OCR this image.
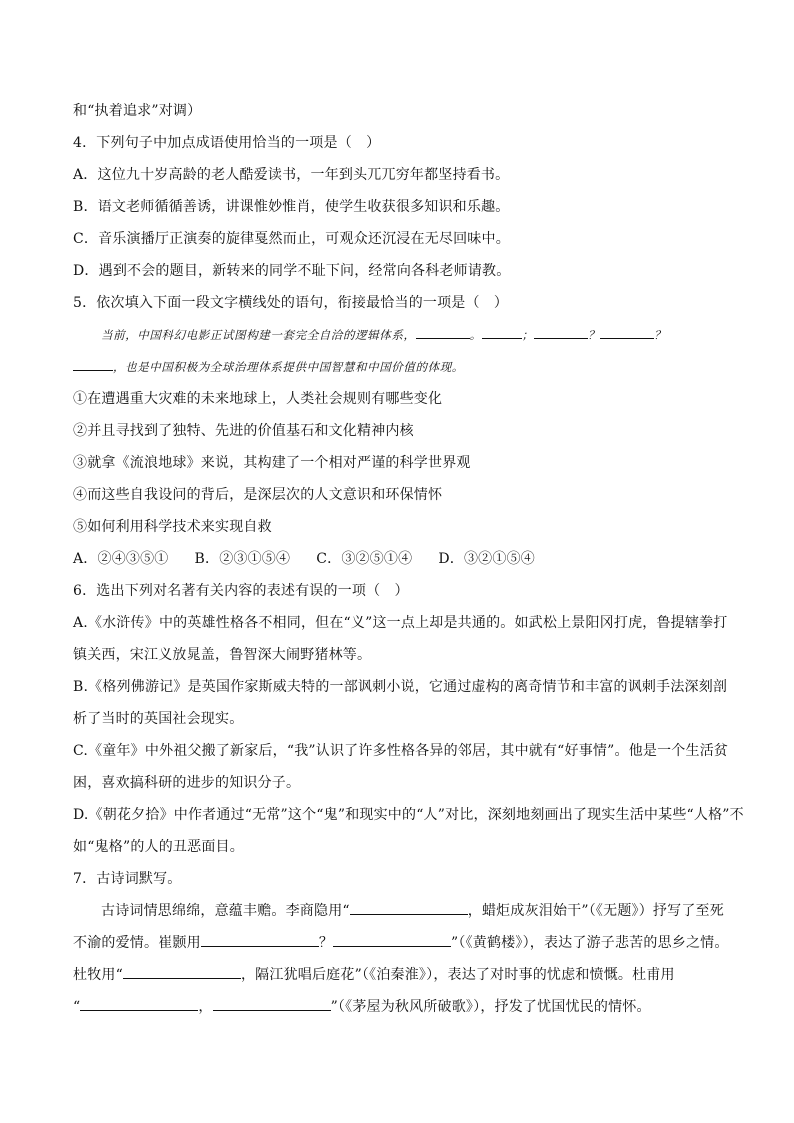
和“执着追求”对调）
4．下列句子中加点成语使用恰当的一项是（　）
A．这位九十岁高龄的老人酷爱读书，一年到头兀兀穷年都坚持看书。
B．语文老师循循善诱，讲课惟妙惟肖，使学生收获很多知识和乐趣。
C．音乐演播厅正演奏的旋律戛然而止，可观众还沉浸在无尽回味中。
D．遇到不会的题目，新转来的同学不耻下问，经常向各科老师请教。
5．依次填入下面一段文字横线处的语句，衔接最恰当的一项是（　）
当前，中国科幻电影正试图构建一套完全自洽的逻辑体系，	。	；	？	？
，也是中国积极为全球治理体系提供中国智慧和中国价值的体现。
①在遭遇重大灾难的未来地球上，人类社会规则有哪些变化
②并且寻找到了独特、先进的价值基石和文化精神内核
③就拿《流浪地球》来说，其构建了一个相对严谨的科学世界观
④而这些自我设问的背后，是深层次的人文意识和环保情怀
⑤如何利用科学技术来实现自救
A．②④③⑤① B．②③①⑤④ C．③②⑤①④ D．③②①⑤④
6．选出下列对名著有关内容的表述有误的一项（　）
A.《水浒传》中的英雄性格各不相同，但在“义”这一点上却是共通的。如武松上景阳冈打虎，鲁提辖拳打
镇关西，宋江义放晁盖，鲁智深大闹野猪林等。
B.《格列佛游记》是英国作家斯威夫特的一部讽刺小说，它通过虚构的离奇情节和丰富的讽刺手法深刻剖
析了当时的英国社会现实。
C.《童年》中外祖父搬了新家后，“我”认识了许多性格各异的邻居，其中就有“好事情”。他是一个生活贫
困，喜欢搞科研的进步的知识分子。
D.《朝花夕拾》中作者通过“无常”这个“鬼”和现实中的“人”对比，深刻地刻画出了现实生活中某些“人格”不
如“鬼格”的人的丑恶面目。
7．古诗词默写。
古诗词情思绵绵，意蕴丰赡。李商隐用“	，蜡炬成灰泪始干”（《无题》）抒写了至死
不渝的爱情。崔颢用	？	”（《黄鹤楼》），表达了游子悲苦的思乡之情。
杜牧用“	，隔江犹唱后庭花”（《泊秦淮》），表达了对时事的忧虑和愤慨。杜甫用
“	，	”（《茅屋为秋风所破歌》），抒发了忧国忧民的情怀。
